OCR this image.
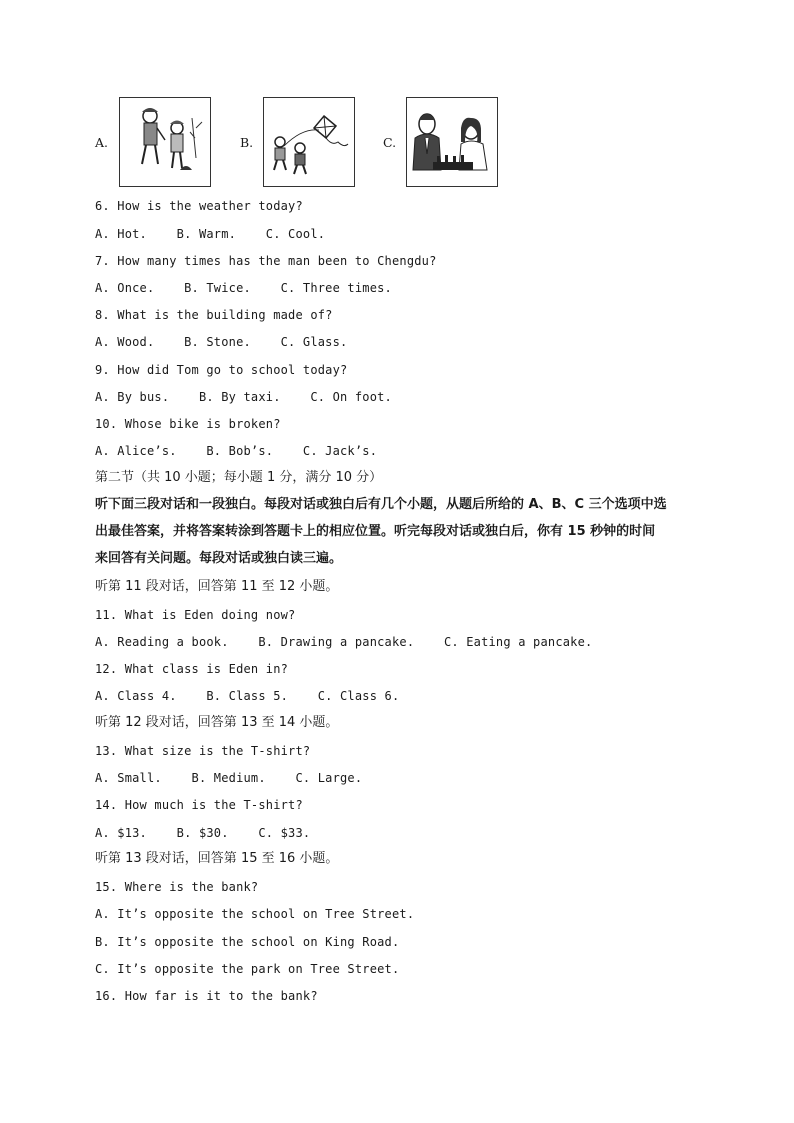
A.	B.	C.
6. How is the weather today?
A. Hot.    B. Warm.    C. Cool.
7. How many times has the man been to Chengdu?
A. Once.    B. Twice.    C. Three times.
8. What is the building made of?
A. Wood.    B. Stone.    C. Glass.
9. How did Tom go to school today?
A. By bus.    B. By taxi.    C. On foot.
10. Whose bike is broken?
A. Alice’s.    B. Bob’s.    C. Jack’s.
第二节（共 10 小题；每小题 1 分，满分 10 分）
听下面三段对话和一段独白。每段对话或独白后有几个小题，从题后所给的 A、B、C 三个选项中选
出最佳答案，并将答案转涂到答题卡上的相应位置。听完每段对话或独白后，你有 15 秒钟的时间
来回答有关问题。每段对话或独白读三遍。
听第 11 段对话，回答第 11 至 12 小题。
11. What is Eden doing now?
A. Reading a book.    B. Drawing a pancake.    C. Eating a pancake.
12. What class is Eden in?
A. Class 4.    B. Class 5.    C. Class 6.
听第 12 段对话，回答第 13 至 14 小题。
13. What size is the T-shirt?
A. Small.    B. Medium.    C. Large.
14. How much is the T-shirt?
A. $13.    B. $30.    C. $33.
听第 13 段对话，回答第 15 至 16 小题。
15. Where is the bank?
A. It’s opposite the school on Tree Street.
B. It’s opposite the school on King Road.
C. It’s opposite the park on Tree Street.
16. How far is it to the bank?
